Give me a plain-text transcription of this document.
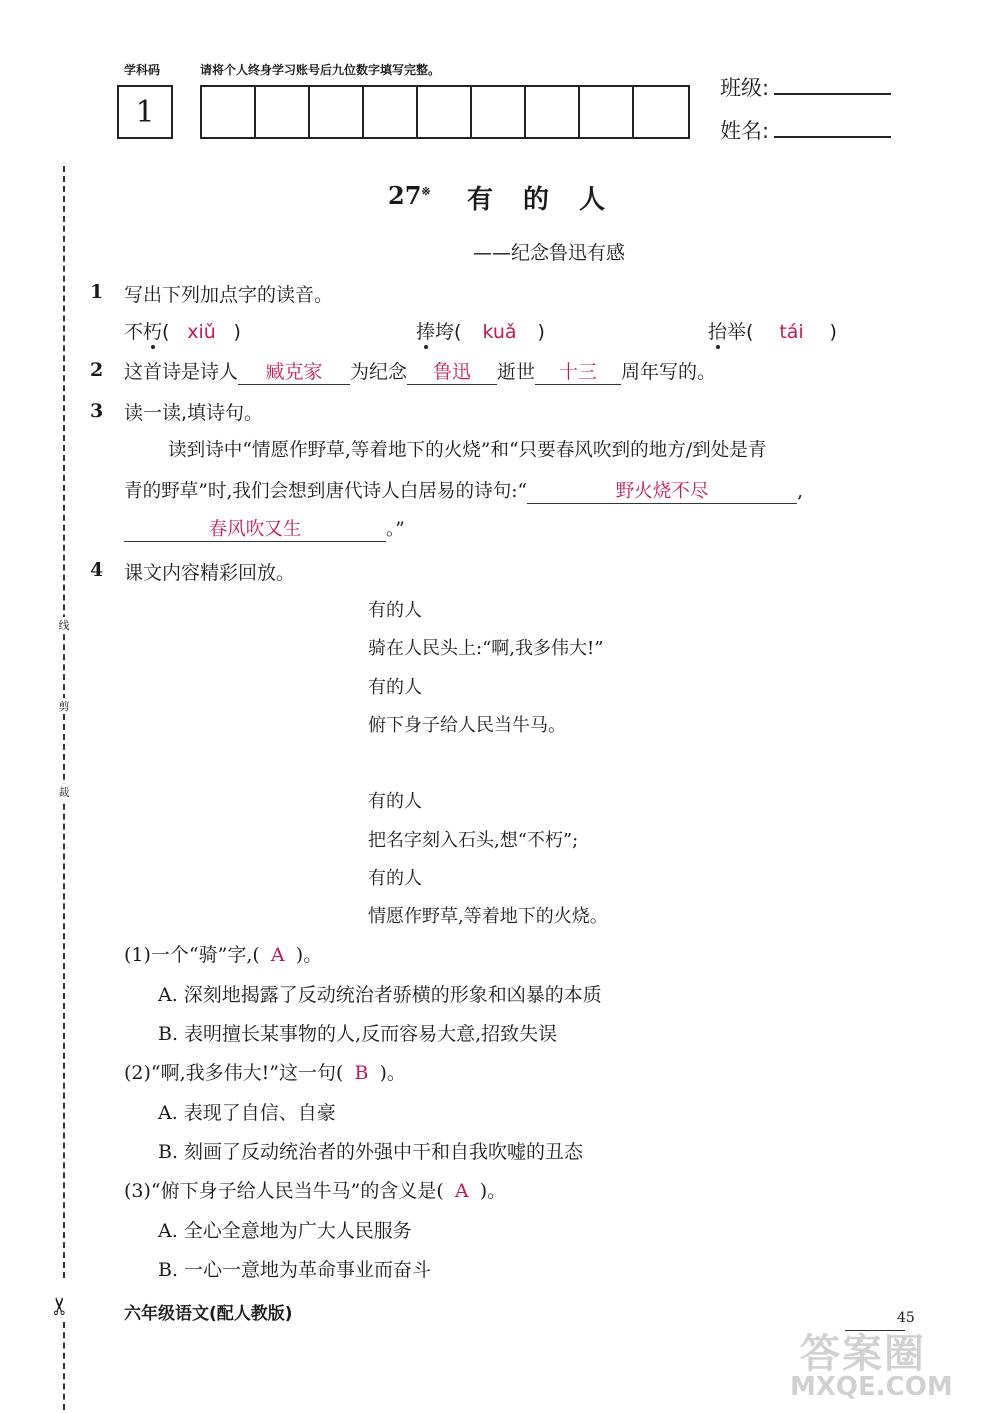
学科码	请将个人终身学习账号后九位数字填写完整。
1
班级:
姓名:
线
剪
裁
✂
27※ 有的人
——纪念鲁迅有感
1 写出下列加点字的读音。
不朽( xiǔ )	捧垮( kuǎ )	抬举( tái )
2 这首诗是诗人 臧克家 为纪念 鲁迅 逝世 十三 周年写的。
3 读一读,填诗句。
读到诗中“情愿作野草,等着地下的火烧”和“只要春风吹到的地方/到处是青
青的野草”时,我们会想到唐代诗人白居易的诗句:“	野火烧不尽	,
春风吹又生	。”
4 课文内容精彩回放。
有的人
骑在人民头上:“啊,我多伟大!”
有的人
俯下身子给人民当牛马。
有的人
把名字刻入石头,想“不朽”;
有的人
情愿作野草,等着地下的火烧。
(1)一个“骑”字,( A )。
A. 深刻地揭露了反动统治者骄横的形象和凶暴的本质
B. 表明擅长某事物的人,反而容易大意,招致失误
(2)“啊,我多伟大!”这一句( B )。
A. 表现了自信、自豪
B. 刻画了反动统治者的外强中干和自我吹嘘的丑态
(3)“俯下身子给人民当牛马”的含义是( A )。
A. 全心全意地为广大人民服务
B. 一心一意地为革命事业而奋斗
六年级语文(配人教版)	45
答案圈
MXQE.COM
